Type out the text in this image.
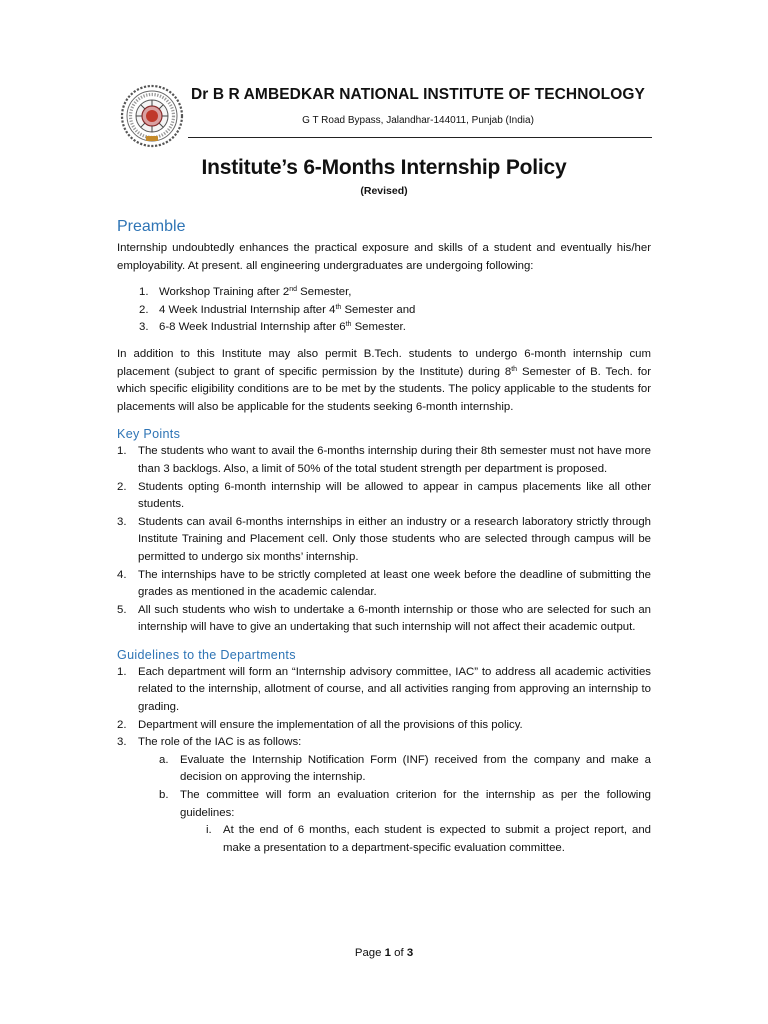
Dr B R AMBEDKAR NATIONAL INSTITUTE OF TECHNOLOGY
G T Road Bypass, Jalandhar-144011, Punjab (India)
Institute’s 6-Months Internship Policy
(Revised)
Preamble

Internship undoubtedly enhances the practical exposure and skills of a student and eventually his/her employability. At present. all engineering undergraduates are undergoing following:

1. Workshop Training after 2nd Semester,
2. 4 Week Industrial Internship after 4th Semester and
3. 6-8 Week Industrial Internship after 6th Semester.

In addition to this Institute may also permit B.Tech. students to undergo 6-month internship cum placement (subject to grant of specific permission by the Institute) during 8th Semester of B. Tech. for which specific eligibility conditions are to be met by the students. The policy applicable to the students for placements will also be applicable for the students seeking 6-month internship.

Key Points
1. The students who want to avail the 6-months internship during their 8th semester must not have more than 3 backlogs. Also, a limit of 50% of the total student strength per department is proposed.
2. Students opting 6-month internship will be allowed to appear in campus placements like all other students.
3. Students can avail 6-months internships in either an industry or a research laboratory strictly through Institute Training and Placement cell. Only those students who are selected through campus will be permitted to undergo six months’ internship.
4. The internships have to be strictly completed at least one week before the deadline of submitting the grades as mentioned in the academic calendar.
5. All such students who wish to undertake a 6-month internship or those who are selected for such an internship will have to give an undertaking that such internship will not affect their academic output.
Guidelines to the Departments
1. Each department will form an “Internship advisory committee, IAC” to address all academic activities related to the internship, allotment of course, and all activities ranging from approving an internship to grading.
2. Department will ensure the implementation of all the provisions of this policy.
3. The role of the IAC is as follows:
a. Evaluate the Internship Notification Form (INF) received from the company and make a decision on approving the internship.
b. The committee will form an evaluation criterion for the internship as per the following guidelines:
i. At the end of 6 months, each student is expected to submit a project report, and make a presentation to a department-specific evaluation committee.
Page 1 of 3
